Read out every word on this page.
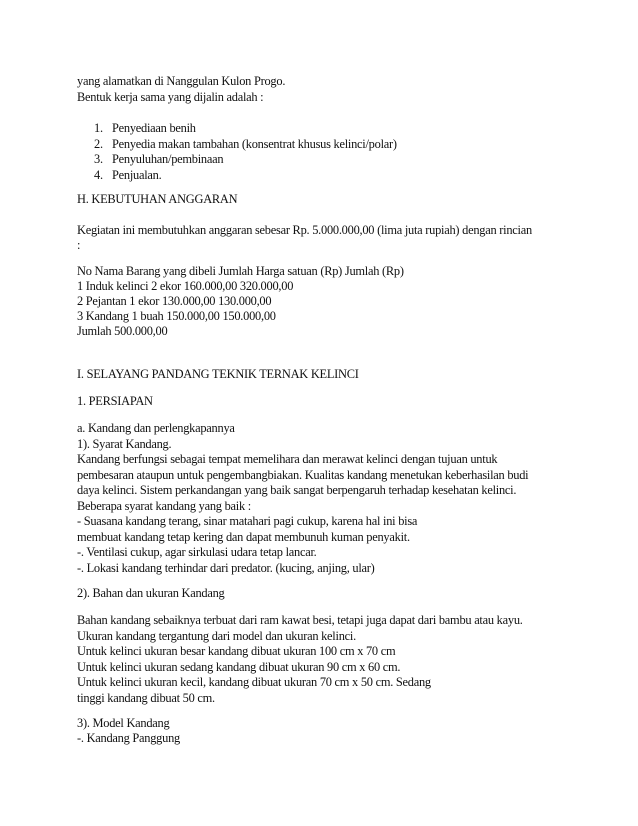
yang alamatkan di Nanggulan Kulon Progo.
Bentuk kerja sama yang dijalin adalah :
1. Penyediaan benih
2. Penyedia makan tambahan (konsentrat khusus kelinci/polar)
3. Penyuluhan/pembinaan
4. Penjualan.
H. KEBUTUHAN ANGGARAN
Kegiatan ini membutuhkan anggaran sebesar Rp. 5.000.000,00 (lima juta rupiah) dengan rincian
:
No Nama Barang yang dibeli Jumlah Harga satuan (Rp) Jumlah (Rp)
1 Induk kelinci 2 ekor 160.000,00 320.000,00
2 Pejantan 1 ekor 130.000,00 130.000,00
3 Kandang 1 buah 150.000,00 150.000,00
Jumlah 500.000,00
I. SELAYANG PANDANG TEKNIK TERNAK KELINCI
1. PERSIAPAN
a. Kandang dan perlengkapannya
1). Syarat Kandang.
Kandang berfungsi sebagai tempat memelihara dan merawat kelinci dengan tujuan untuk
pembesaran ataupun untuk pengembangbiakan. Kualitas kandang menetukan keberhasilan budi
daya kelinci. Sistem perkandangan yang baik sangat berpengaruh terhadap kesehatan kelinci.
Beberapa syarat kandang yang baik :
- Suasana kandang terang, sinar matahari pagi cukup, karena hal ini bisa
membuat kandang tetap kering dan dapat membunuh kuman penyakit.
-. Ventilasi cukup, agar sirkulasi udara tetap lancar.
-. Lokasi kandang terhindar dari predator. (kucing, anjing, ular)
2). Bahan dan ukuran Kandang
Bahan kandang sebaiknya terbuat dari ram kawat besi, tetapi juga dapat dari bambu atau kayu.
Ukuran kandang tergantung dari model dan ukuran kelinci.
Untuk kelinci ukuran besar kandang dibuat ukuran 100 cm x 70 cm
Untuk kelinci ukuran sedang kandang dibuat ukuran 90 cm x 60 cm.
Untuk kelinci ukuran kecil, kandang dibuat ukuran 70 cm x 50 cm. Sedang
tinggi kandang dibuat 50 cm.
3). Model Kandang
-. Kandang Panggung
